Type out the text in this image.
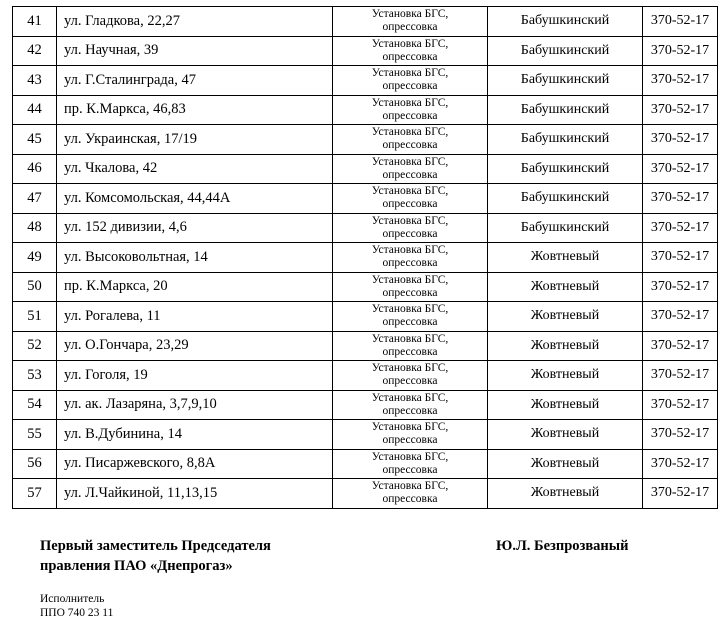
41	ул. Гладкова, 22,27	Установка БГС,
опрессовка	Бабушкинский	370-52-17
42	ул. Научная, 39	Установка БГС,
опрессовка	Бабушкинский	370-52-17
43	ул. Г.Сталинграда, 47	Установка БГС,
опрессовка	Бабушкинский	370-52-17
44	пр. К.Маркса, 46,83	Установка БГС,
опрессовка	Бабушкинский	370-52-17
45	ул. Украинская, 17/19	Установка БГС,
опрессовка	Бабушкинский	370-52-17
46	ул. Чкалова, 42	Установка БГС,
опрессовка	Бабушкинский	370-52-17
47	ул. Комсомольская, 44,44А	Установка БГС,
опрессовка	Бабушкинский	370-52-17
48	ул. 152 дивизии, 4,6	Установка БГС,
опрессовка	Бабушкинский	370-52-17
49	ул. Высоковольтная, 14	Установка БГС,
опрессовка	Жовтневый	370-52-17
50	пр. К.Маркса, 20	Установка БГС,
опрессовка	Жовтневый	370-52-17
51	ул. Рогалева, 11	Установка БГС,
опрессовка	Жовтневый	370-52-17
52	ул. О.Гончара, 23,29	Установка БГС,
опрессовка	Жовтневый	370-52-17
53	ул. Гоголя, 19	Установка БГС,
опрессовка	Жовтневый	370-52-17
54	ул. ак. Лазаряна, 3,7,9,10	Установка БГС,
опрессовка	Жовтневый	370-52-17
55	ул. В.Дубинина, 14	Установка БГС,
опрессовка	Жовтневый	370-52-17
56	ул. Писаржевского, 8,8А	Установка БГС,
опрессовка	Жовтневый	370-52-17
57	ул. Л.Чайкиной, 11,13,15	Установка БГС,
опрессовка	Жовтневый	370-52-17
Первый заместитель Председателя
правления ПАО «Днепрогаз»
Ю.Л. Безпрозваный
Исполнитель
ППО 740 23 11
